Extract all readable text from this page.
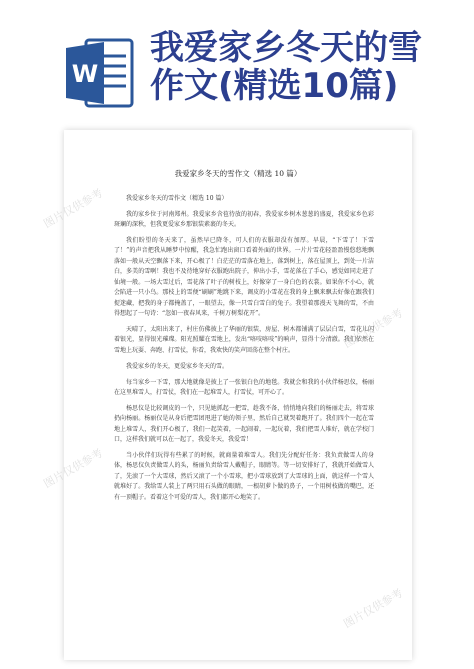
W
我爱家乡冬天的雪
作文(精选10篇)
我爱家乡冬天的雪作文（精选 10 篇）

我爱家乡冬天的雪作文（精选 10 篇）

我的家乡位于河南郑州。我爱家乡含苞待放的初春，我爱家乡树木葱葱的盛夏，我爱家乡色彩斑斓的深秋，但我更爱家乡那银装素裹的冬天。

我们盼望的冬天来了，虽然早已降冬，可人们的衣服却没有加厚。早晨，“下雪了！下雪了！”的声音把我从睡梦中惊醒，我急忙跑出窗口看着外面的世界。一片片雪花轻盈盈慢悠悠地飘落如一般从天空飘落下来，开心极了！白茫茫的雪落在地上，落到树上，落在屋顶上，到处一片洁白，多美的雪啊！我也不及待地穿好衣服跑出院子，伸出小手，雪花落在了手心，感觉如同走进了仙境一般。一场大雪过后，雪花落了叶子的树枝上，好像穿了一身白色的衣裳。如果你不小心，就会陷进一只小鸟。那枝上的雪便“刷刷”地跳下来，调皮的小雪花在我的身上飘来飘去好像在跟我们捉迷藏，把我的身子都掩盖了，一眼望去，像一只雪白雪白的兔子。我望着那漫天飞舞的雪，不由得想起了一句诗：“忽如一夜春风来，千树万树梨花开”。

天晴了，太阳出来了，村庄仿佛披上了华丽的银装，房屋、树木都铺满了层层白雪，雪花儿闪着银光，显得银光璀璨。阳光照耀在雪地上，发出“咯吱咯吱”的响声，显得十分清澈。我们依然在雪地上玩耍、奔跑、打雪仗，你看，我欢快的笑声回荡在整个村庄。

我爱家乡的冬天，更爱家乡冬天的雪。

每当家乡一下雪，那大地就像是披上了一张银白色的地毯。我就会和我的小伙伴杨思仪，杨丽在这里堆雪人，打雪仗，我们在一起堆雪人，打雪仗，可开心了。

杨思仪是比较调皮的一个，只见她抓起一把雪，趁我不备，悄悄地向我们的杨丽走去，将雪球扔向杨丽。杨丽仅是从身后把雪团甩进了她的领子里，然后自己就哭着跑开了。我们四个一起在雪地上堆雪人，我们开心极了，我们一起笑着，一起闹着，一起玩着，我们把雪人堆好，就在学校门口，这样我们就可以在一起了，我爱冬天，我爱雪！

当小伙伴们玩得有些累了的时候，就商量着堆雪人。我们先分配好任务：我负责做雪人的身体，杨思仪负责做雪人的头，杨丽负责给雪人戴帽子，眼睛等。等一切安排好了，我就开始做雪人了，先滚了一个大雪球，然后又滚了一个小雪球，把小雪球放到了大雪球的上面，就这样一个雪人就堆好了。我给雪人装上了两只用石头做的眼睛，一根胡萝卜做的鼻子，一个用树枝做的嘴巴，还有一顶帽子。看着这个可爱的雪人，我们都开心地笑了。

图片仅供参考
图片仅供参考
图片仅供参考
图片仅供参考
